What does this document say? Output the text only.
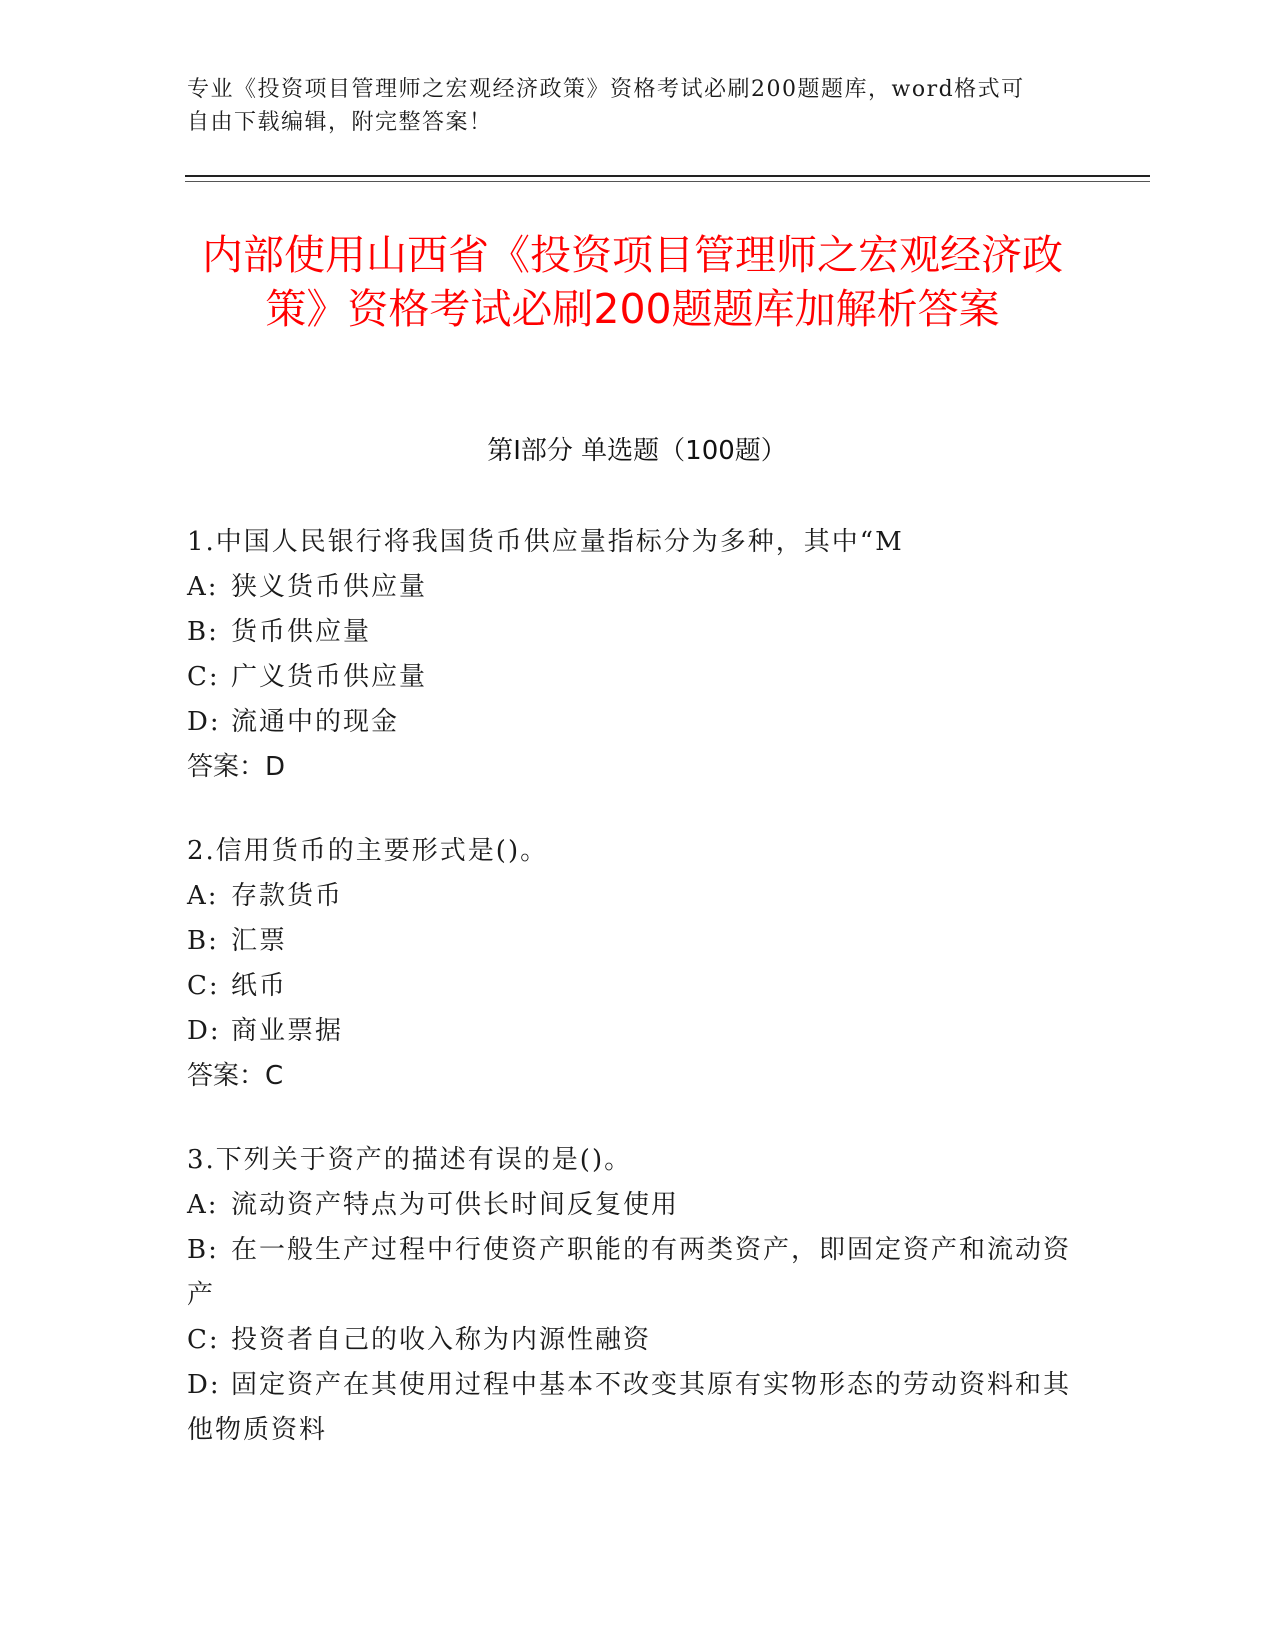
专业《投资项目管理师之宏观经济政策》资格考试必刷200题题库，word格式可
自由下载编辑，附完整答案！
内部使用山西省《投资项目管理师之宏观经济政策》资格考试必刷200题题库加解析答案
第Ⅰ部分 单选题（100题）
1.中国人民银行将我国货币供应量指标分为多种，其中“M
A: 狭义货币供应量
B: 货币供应量
C: 广义货币供应量
D: 流通中的现金
答案：D
2.信用货币的主要形式是()。
A: 存款货币
B: 汇票
C: 纸币
D: 商业票据
答案：C
3.下列关于资产的描述有误的是()。
A: 流动资产特点为可供长时间反复使用
B: 在一般生产过程中行使资产职能的有两类资产，即固定资产和流动资产
C: 投资者自己的收入称为内源性融资
D: 固定资产在其使用过程中基本不改变其原有实物形态的劳动资料和其他物质资料
